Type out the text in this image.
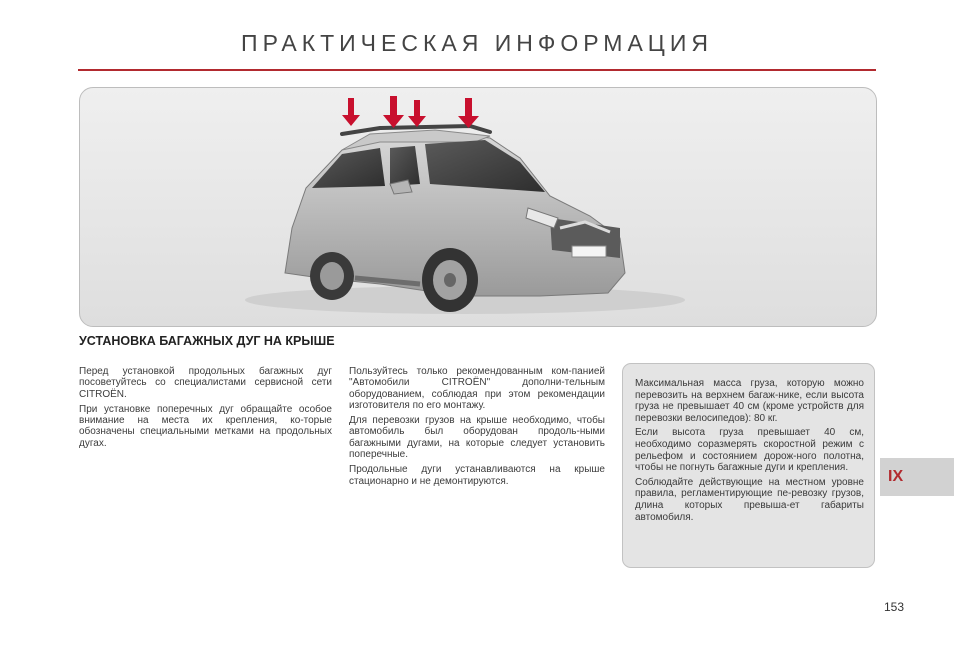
ПРАКТИЧЕСКАЯ ИНФОРМАЦИЯ
УСТАНОВКА БАГАЖНЫХ ДУГ НА КРЫШЕ

Перед установкой продольных багажных дуг посоветуйтесь со специалистами сервисной сети CITROËN.

При установке поперечных дуг обращайте особое внимание на места их крепления, ко-торые обозначены специальными метками на продольных дугах.

Пользуйтесь только рекомендованным ком-панией "Автомобили CITROËN" дополни-тельным оборудованием, соблюдая при этом рекомендации изготовителя по его монтажу.

Для перевозки грузов на крыше необходимо, чтобы автомобиль был оборудован продоль-ными багажными дугами, на которые следует установить поперечные.

Продольные дуги устанавливаются на крыше стационарно и не демонтируются.

Максимальная масса груза, которую можно перевозить на верхнем багаж-нике, если высота груза не превышает 40 см (кроме устройств для перевозки велосипедов): 80 кг.

Если высота груза превышает 40 см, необходимо соразмерять скоростной режим с рельефом и состоянием дорож-ного полотна, чтобы не погнуть багажные дуги и крепления.

Соблюдайте действующие на местном уровне правила, регламентирующие пе-ревозку грузов, длина которых превыша-ет габариты автомобиля.

IX
153
